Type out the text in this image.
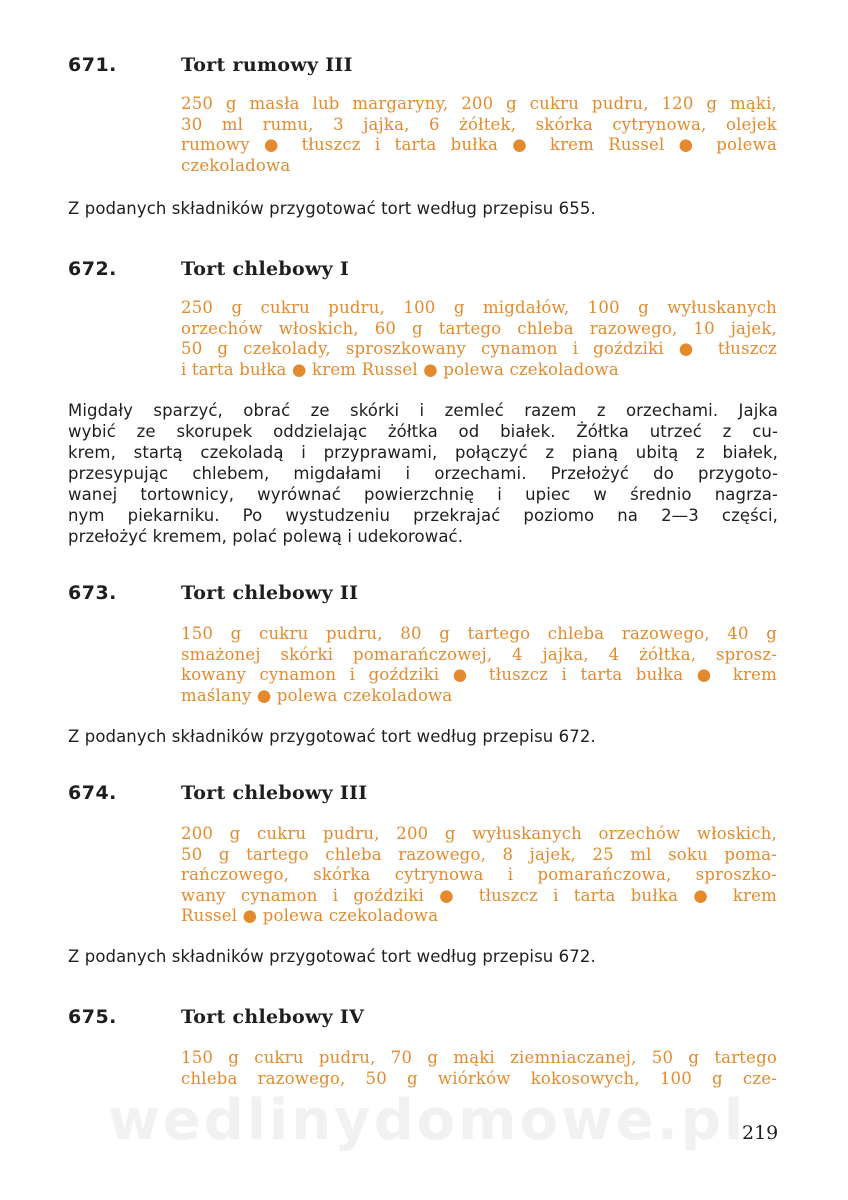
671.	Tort rumowy III
250 g masła lub margaryny, 200 g cukru pudru, 120 g mąki,
30 ml rumu, 3 jajka, 6 żółtek, skórka cytrynowa, olejek
rumowy ● tłuszcz i tarta bułka ● krem Russel ● polewa
czekoladowa
Z podanych składników przygotować tort według przepisu 655.
672.	Tort chlebowy I
250 g cukru pudru, 100 g migdałów, 100 g wyłuskanych
orzechów włoskich, 60 g tartego chleba razowego, 10 jajek,
50 g czekolady, sproszkowany cynamon i goździki ● tłuszcz
i tarta bułka ● krem Russel ● polewa czekoladowa
Migdały sparzyć, obrać ze skórki i zemleć razem z orzechami. Jajka
wybić ze skorupek oddzielając żółtka od białek. Żółtka utrzeć z cu-
krem, startą czekoladą i przyprawami, połączyć z pianą ubitą z białek,
przesypując chlebem, migdałami i orzechami. Przełożyć do przygoto-
wanej tortownicy, wyrównać powierzchnię i upiec w średnio nagrza-
nym piekarniku. Po wystudzeniu przekrajać poziomo na 2—3 części,
przełożyć kremem, polać polewą i udekorować.
673.	Tort chlebowy II
150 g cukru pudru, 80 g tartego chleba razowego, 40 g
smażonej skórki pomarańczowej, 4 jajka, 4 żółtka, sprosz-
kowany cynamon i goździki ● tłuszcz i tarta bułka ● krem
maślany ● polewa czekoladowa
Z podanych składników przygotować tort według przepisu 672.
674.	Tort chlebowy III
200 g cukru pudru, 200 g wyłuskanych orzechów włoskich,
50 g tartego chleba razowego, 8 jajek, 25 ml soku poma-
rańczowego, skórka cytrynowa i pomarańczowa, sproszko-
wany cynamon i goździki ● tłuszcz i tarta bułka ● krem
Russel ● polewa czekoladowa
Z podanych składników przygotować tort według przepisu 672.
675.	Tort chlebowy IV
150 g cukru pudru, 70 g mąki ziemniaczanej, 50 g tartego
chleba razowego, 50 g wiórków kokosowych, 100 g cze-
wedlinydomowe.pl
219
